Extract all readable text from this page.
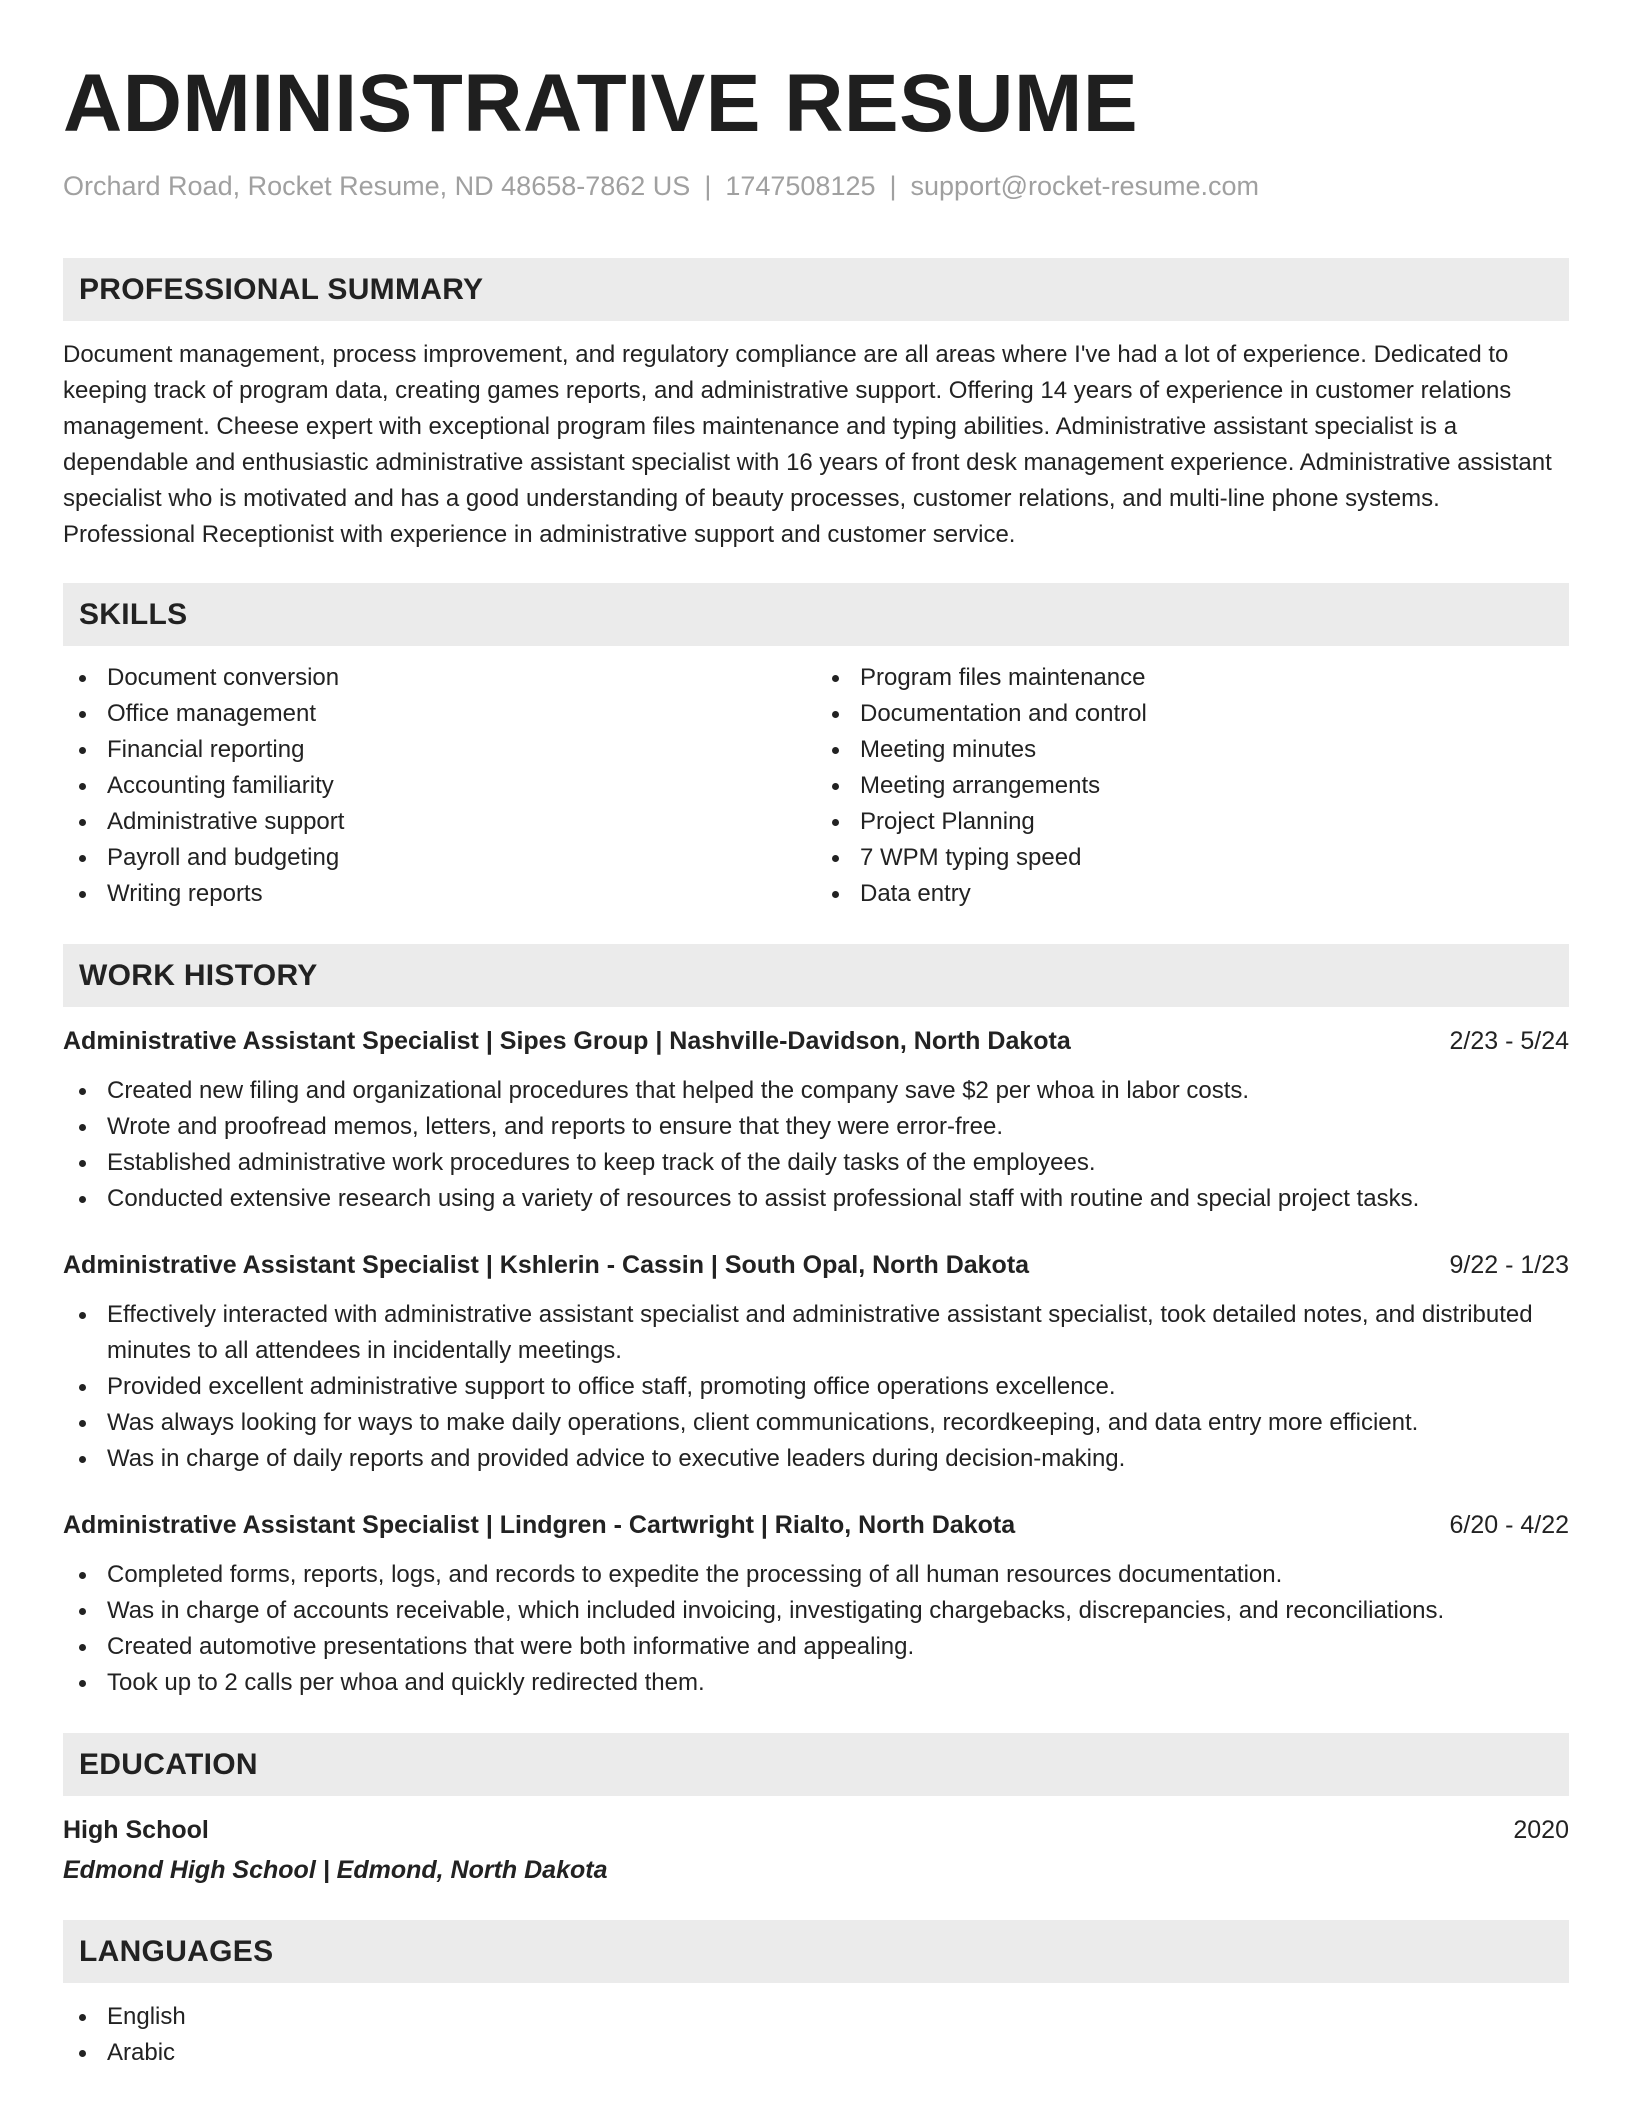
ADMINISTRATIVE RESUME
Orchard Road, Rocket Resume, ND 48658-7862 US | 1747508125 | support@rocket-resume.com
PROFESSIONAL SUMMARY
Document management, process improvement, and regulatory compliance are all areas where I've had a lot of experience. Dedicated to keeping track of program data, creating games reports, and administrative support. Offering 14 years of experience in customer relations management. Cheese expert with exceptional program files maintenance and typing abilities. Administrative assistant specialist is a dependable and enthusiastic administrative assistant specialist with 16 years of front desk management experience. Administrative assistant specialist who is motivated and has a good understanding of beauty processes, customer relations, and multi-line phone systems. Professional Receptionist with experience in administrative support and customer service.
SKILLS
Document conversion
Office management
Financial reporting
Accounting familiarity
Administrative support
Payroll and budgeting
Writing reports
Program files maintenance
Documentation and control
Meeting minutes
Meeting arrangements
Project Planning
7 WPM typing speed
Data entry
WORK HISTORY
Administrative Assistant Specialist | Sipes Group | Nashville-Davidson, North Dakota	2/23 - 5/24
Created new filing and organizational procedures that helped the company save $2 per whoa in labor costs.
Wrote and proofread memos, letters, and reports to ensure that they were error-free.
Established administrative work procedures to keep track of the daily tasks of the employees.
Conducted extensive research using a variety of resources to assist professional staff with routine and special project tasks.
Administrative Assistant Specialist | Kshlerin - Cassin | South Opal, North Dakota	9/22 - 1/23
Effectively interacted with administrative assistant specialist and administrative assistant specialist, took detailed notes, and distributed minutes to all attendees in incidentally meetings.
Provided excellent administrative support to office staff, promoting office operations excellence.
Was always looking for ways to make daily operations, client communications, recordkeeping, and data entry more efficient.
Was in charge of daily reports and provided advice to executive leaders during decision-making.
Administrative Assistant Specialist | Lindgren - Cartwright | Rialto, North Dakota	6/20 - 4/22
Completed forms, reports, logs, and records to expedite the processing of all human resources documentation.
Was in charge of accounts receivable, which included invoicing, investigating chargebacks, discrepancies, and reconciliations.
Created automotive presentations that were both informative and appealing.
Took up to 2 calls per whoa and quickly redirected them.
EDUCATION
High School	2020
Edmond High School | Edmond, North Dakota
LANGUAGES
English
Arabic
